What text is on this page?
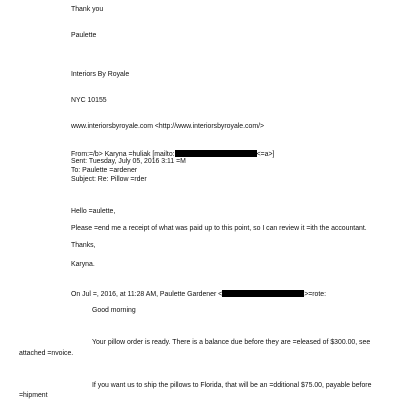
Thank you
Paulette
Interiors By Royale
NYC 10155
www.interiorsbyroyale.com <http://www.interiorsbyroyale.com/>
From:=/b> Karyna =huliak [mailto:	<=a>]
Sent: Tuesday, July 05, 2016 3:11 =M
To: Paulette =ardener
Subject: Re: Pillow =rder
Hello =aulette,
Please =end me a receipt of what was paid up to this point, so I can review it =ith the accountant.
Thanks,
Karyna.
On Jul =, 2016, at 11:28 AM, Paulette Gardener <	>=rote:
Good morning
Your pillow order is ready. There is a balance due before they are =eleased of $300.00, see
attached =nvoice.
If you want us to ship the pillows to Florida, that will be an =dditional $75.00, payable before
=hipment
